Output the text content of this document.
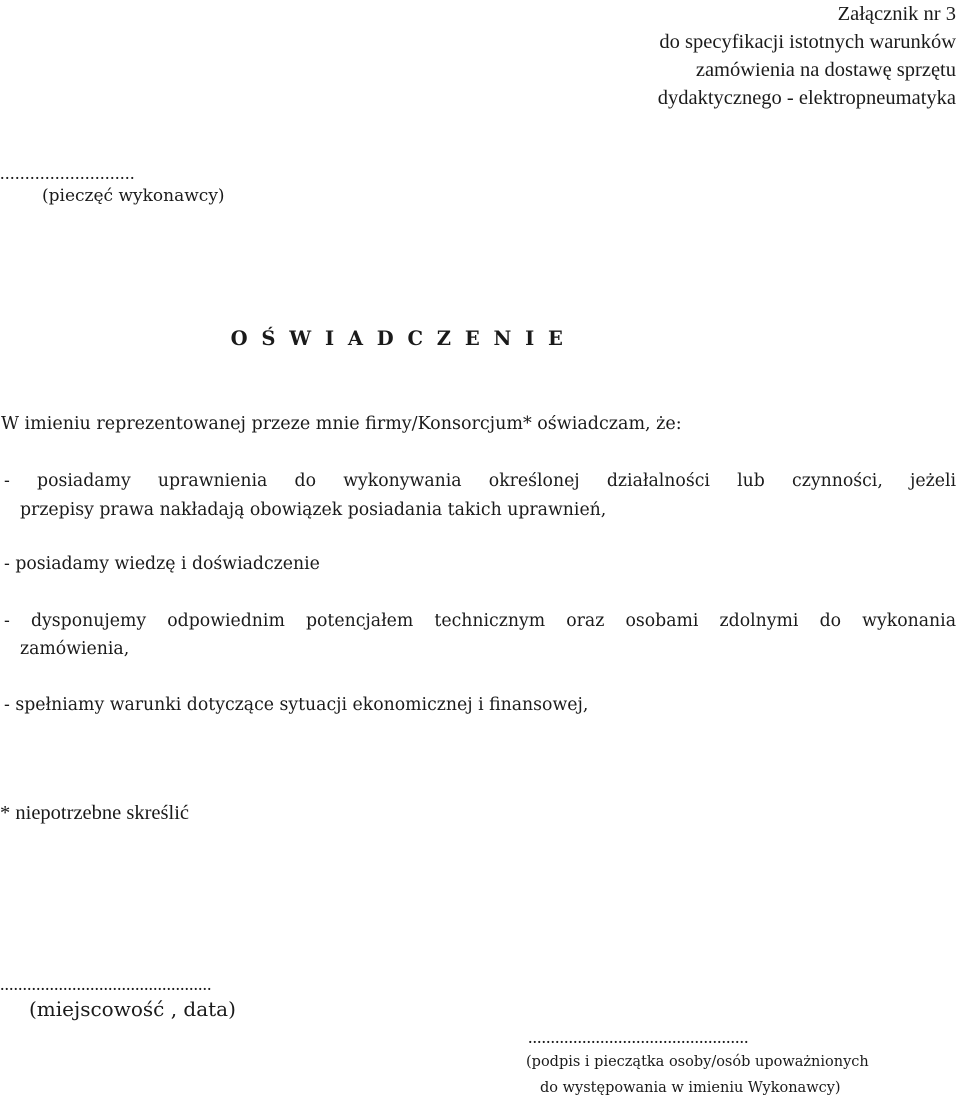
Załącznik nr 3
do specyfikacji istotnych warunków
zamówienia na dostawę sprzętu
dydaktycznego - elektropneumatyka
...........................
(pieczęć wykonawcy)
O Ś W I A D C Z E N I E
W imieniu reprezentowanej przeze mnie firmy/Konsorcjum* oświadczam, że:
- posiadamy uprawnienia do wykonywania określonej działalności lub czynności, jeżeli
przepisy prawa nakładają obowiązek posiadania takich uprawnień,
- posiadamy wiedzę i doświadczenie
- dysponujemy odpowiednim potencjałem technicznym oraz osobami zdolnymi do wykonania
zamówienia,
- spełniamy warunki dotyczące sytuacji ekonomicznej i finansowej,
* niepotrzebne skreślić
...............................................
(miejscowość , data)
.................................................
(podpis i pieczątka osoby/osób upoważnionych
do występowania w imieniu Wykonawcy)
